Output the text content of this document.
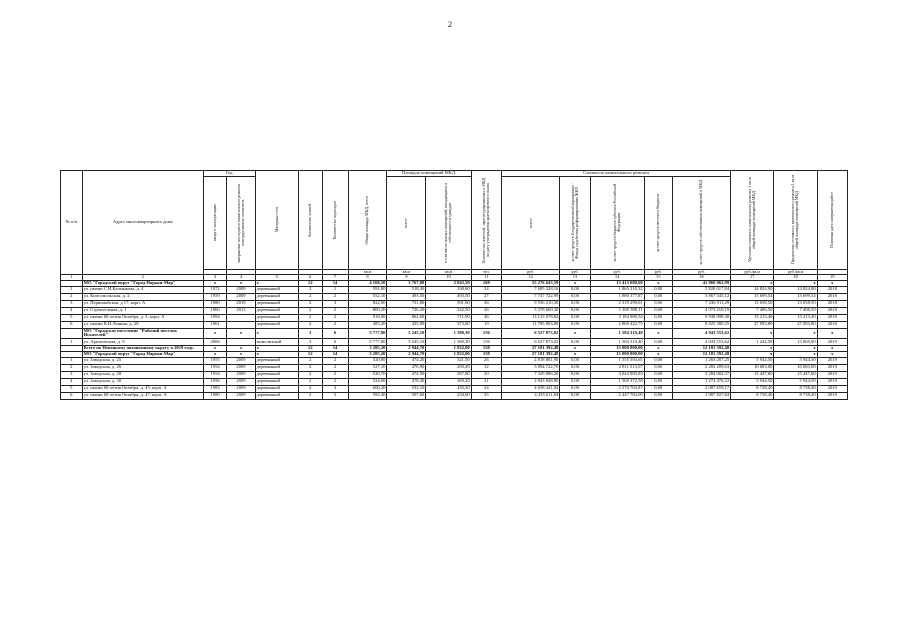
2
№ п/п	Адрес многоквартирного дома	Год		Материал стен	Количество этажей	Количество подъездов	Общая площадь МКД, всего	Площадь помещений МКД:		Количество жителей, зарегистрированных в МКД на дату утверждения краткосрочного плана	Стоимость капитального ремонта					Удельная стоимость капитального ремонта 1 кв.м общей площади помещений МКД	Предельная стоимость капитального ремонта 1 кв.м общей площади помещений МКД	Плановая дата завершения работ

		ввода в эксплуатацию	завершение последнего капитального ремонта конструктивных элементов					всего:	в том числе жилых помещений, находящихся в собственности граждан		всего:	за счет средств Государственной корпорации - Фонда содействия реформированию ЖКХ	за счет средств бюджета субъекта Российской Федерации	за счет средств местного бюджета	за счет средств собственников помещений в МКД			

							кв.м	кв.м	кв.м	чел.	руб.	руб.	руб.	руб.	руб.	руб./кв.м	руб./кв.м	
1	2	3	4	5	6	7	8	9	10	11	12	13	14	15	16	17	18	19
	МО "Городской округ "Город Нарьян-Мар"	х	х	х	12	14	4 168,50	3 767,00	2 843,50	168	55 276 643,59	х	13 415 680,60	х	41 860 962,99	х	х	х
1	ул. имени С.Н.Калмыкова, д. 4	1972	2009	деревянный	2	1	591,00	518,40	330,60	34	7 685 328,16	0,00	1 865 210,32	0,00	5 820 017,84	14 824,90	14 824,90	2018
2	ул. Комсомольская, д. 2	1959	2009	деревянный	2	2	552,10	493,50	493,50	27	7 747 722,99	0,00	1 880 377,87	0,00	5 867 345,12	15 699,54	15 699,54	2018
3	ул. Первомайская, д.17, корп. А	1980	2019	деревянный	2	3	822,00	731,80	591,60	36	9 556 210,30	0,00	2 319 299,01	0,00	7 236 911,29	13 058,50	13 058,50	2018
4	ул. Строительная, д. 1	1960	2012	деревянный	2	2	800,20	726,20	342,50	26	5 378 600,30	0,00	1 305 390,11	0,00	4 073 210,19	7 406,50	7 406,50	2018
5	ул. имени 60-летия Октября, д. 3, корп. А	1994		деревянный	2	2	918,00	862,60	711,90	46	13 123 078,84	0,00	3 184 980,54	0,00	9 938 098,30	15 213,40	15 213,40	2018
6	ул. имени В.И.Ленина, д. 28	1961		деревянный	2	2	485,20	435,00	373,80	19	11 785 803,00	0,00	2 860 422,75	0,00	8 925 380,25	27 093,80	27 093,80	2018
	МО "Городское поселение "Рабочий поселок Искателей"	х	х	х	3	6	5 777,80	5 245,10	1 380,30	156	6 527 873,02	х	1 584 319,40	х	4 943 553,62	х	х	х
1	ул. Арктическая, д. 9	2006		монолитный	3	6	5 777,80	5 245,10	1 380,30	156	6 527 873,02	0,00	1 584 319,40	0,00	4 943 553,62	1 244,58	13 869,90	2019
	Всего по Ненецкому автономному округу в 2019 году.	х	х	х	12	14	3 285,20	2 944,70	1 822,00	158	27 181 392,48	х	15 000 000,00	х	12 181 392,48	х	х	х
	МО "Городской округ "Город Нарьян-Мар"	х	х	х	12	14	3 285,20	2 944,70	1 822,00	158	27 181 392,48	х	15 000 000,00	х	12 181 392,48	х	х	х
1	ул. Заводская, д. 25	1955	2009	деревянный	2	2	520,00	474,20	321,50	26	2 818 881,90	0,00	1 555 594,65	0,00	1 263 287,25	5 944,50	5 944,50	2019
2	ул. Заводская, д. 26	1954	2009	деревянный	2	2	527,10	476,90	293,49	32	5 094 722,70	0,00	2 811 513,07	0,00	2 283 209,63	10 683,00	10 683,00	2019
3	ул. Заводская, д. 28	1954	2009	деревянный	2	2	520,70	474,50	367,80	20	7 329 886,20	0,00	4 044 983,83	0,00	3 284 902,37	15 447,60	15 447,60	2019
4	ул. Заводская, д. 30	1956	2009	деревянный	2	2	524,60	478,40	369,20	21	2 843 848,80	0,00	1 569 372,58	0,00	1 274 476,22	5 944,50	5 944,50	2019
5	ул. имени 60-летия Октября, д. 45, корп. А	1983	2009	деревянный	2	3	600,20	533,10	435,50	24	4 658 441,04	0,00	2 570 763,87	0,00	2 087 659,17	8 738,40	8 738,40	2019
6	ул. имени 60-летия Октября, д. 47, корп. А	1980	2009	деревянный	2	3	592,40	507,60	234,60	35	4 435 611,84	0,00	2 447 784,00	0,00	1 987 827,84	8 738,40	8 738,40	2019
